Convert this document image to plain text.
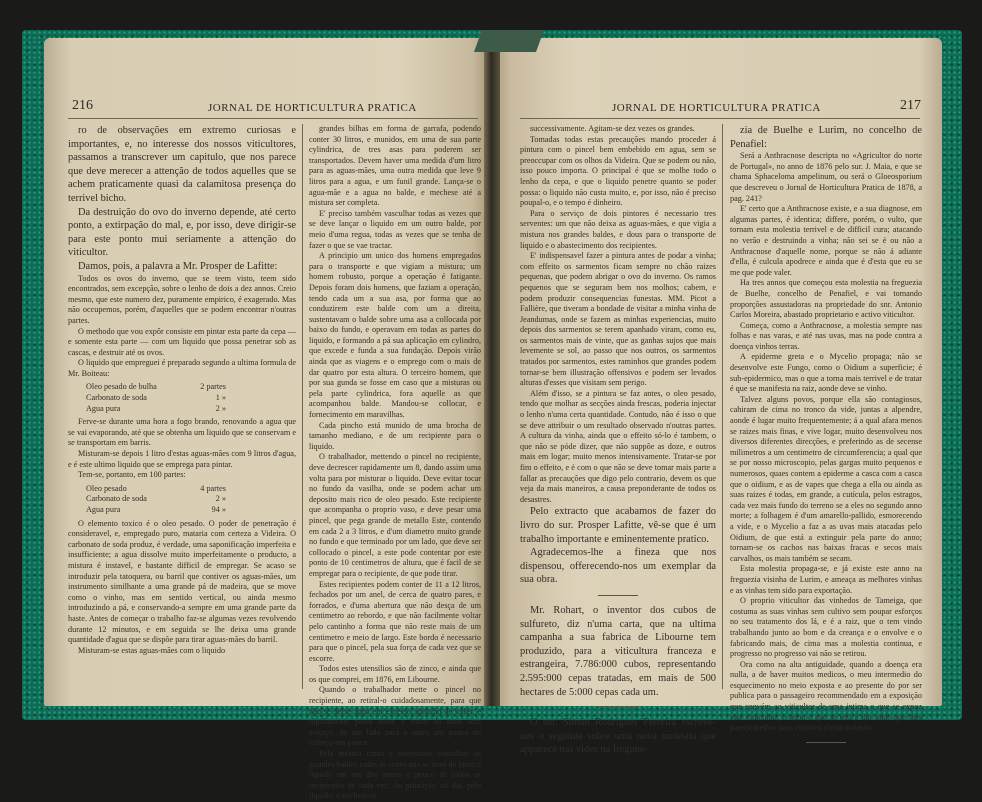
216	JORNAL DE HORTICULTURA PRATICA

ro de observações em extremo curiosas e importantes, e, no interesse dos nossos viticultores, passamos a transcrever um capitulo, que nos parece que deve merecer a attenção de todos aquelles que se achem praticamente quasi da calamitosa presença do terrivel bicho.

Da destruição do ovo do inverno depende, até certo ponto, a extirpação do mal, e, por isso, deve dirigir-se para este ponto mui seriamente a attenção do viticultor.

Damos, pois, a palavra a Mr. Prosper de Lafitte:

Todos os ovos do inverno, que se teem visto, teem sido encontrados, sem excepção, sobre o lenho de dois a dez annos. Creio mesmo, que este numero dez, puramente empirico, é exagerado. Mas não occupemos, porém, d'aquelles que se podem encontrar n'outras partes.

O methodo que vou expôr consiste em pintar esta parte da cepa — e somente esta parte — com um liquido que possa penetrar sob as cascas, e destruir até os ovos.

O liquido que empreguei é preparado segundo a ultima formula de Mr. Boiteau:

Oleo pesado de bulha	2 partes
Carbonato de soda	1 »
Agua pura	2 »

Ferve-se durante uma hora a fogo brando, renovando a agua que se vai evaporando, até que se obtenha um liquido que se conservam e se transportam em barris.

Misturam-se depois 1 litro d'estas aguas-mães com 9 litros d'agua, e é este ultimo liquido que se emprega para pintar.

Tem-se, portanto, em 100 partes:

Oleo pesado	4 partes
Carbonato de soda	2 »
Agua pura	94 »

O elemento toxico é o oleo pesado. O poder de penetração é consideravel, e, empregado puro, mataria com certeza a Videira. O carbonato de soda produz, é verdade, uma saponificação imperfeita e insufficiente; a agua dissolve muito imperfeitamente o producto, a mistura é instavel, e bastante difficil de empregar. Se acaso se introduzir pela tatoquera, ou barril que contiver os aguas-mães, um instrumento similhante a uma grande pá de madeira, que se move como o vinho, mas em sentido vertical, ou ainda mesmo introduzindo a pá, e conservando-a sempre em uma grande parte da haste. Antes de começar o trabalho faz-se algumas vezes revolvendo durante 12 minutos, e em seguida se lhe deixa uma grande quantidade d'agua que se dispõe para tirar aguas-mães do barril.

Misturam-se estas aguas-mães com o liquido

grandes bilhas em forma de garrafa, podendo conter 30 litros, e munidos, em uma de sua parte cylindrica, de tres asas para poderem ser transportados. Devem haver uma medida d'um litro para as aguas-mães, uma outra medida que leve 9 litros para a agua, e um funil grande. Lança-se o agua-mãe e a agua no balde, e mechese até a mistura ser completa.

E' preciso também vasculhar todas as vezes que se deve lançar o liquido em um outro balde, por meio d'uma regua, todas as vezes que se tenha de fazer o que se vae tractar.

A principio um unico dos homens empregados para o transporte e que vigiam a mistura; um homem robusto, porque a operação é fatigante. Depois foram dois homens, que faziam a operação, tendo cada um a sua asa, por forma que ao conduzirem este balde com um a direita, sustentavam o balde sobre uma asa a collocada por baixo do fundo, e operavam em todas as partes do liquido, e formando a pá sua aplicação em cylindro, que excede e funda a sua fundação. Depois virão ainda que as viagens e o emprego com o mais de dar quatro por esta altura. O terceiro homem, que por sua gunda se fosse em caso que a misturas ou pela parte cylindrica, fora aquelle as que acompanhou balde. Mandou-se collocar, e fornecimento em maravilhas.

Cada pincho está munido de uma brocha de tamanho medianо, e de um recipiente para o liquido.

O trabalhador, mettendo o pincel no recipiente, deve decrescer rapidamente um 8, dando assim uma volta para por misturar o liquido. Deve evitar tocar no fundo da vasilha, onde se podem achar um deposito mais rico de oleo pesado. Este recipiente que acompanha o proprio vaso, e deve pesar uma pincel, que pega grande de metallo Este, contendo em cada 2 a 3 litros, e d'um diametro muito grande no fundo e que terminado por um lado, que deve ser collocado o pincel, a este pode contentar por este ponto de 10 centimetros de altura, que é facil de se empregar para o recipiente, de que pode tirar.

Estes recipientes podem conter de 11 a 12 litros, fechados por um anel, de cerca de quatro pares, e forrados, e d'uma abertura que não desça de um centimetro ao rebordo, e que não facilmente voltar pelo cantinho a forma que não reste mais de um centimetro e meio de largo. Este bordo é necessario para que o pincel, pela sua força de cada vez que se escorre.

Todos estes utensilios são de zinco, e ainda que os que comprei, em 1876, em Libourne.

Quando o trabalhador mette o pincel no recipiente, ao retiral-o cuidadosamente, para que não se deixe agua em excesso agitação de todas, e rápidamente passa sobre o lenho do anno sem esforço, de um lado para o outro um pouco no esforço um pouco.

Pela mesma razão é necessario vasculhar os grandes baldes todas as vezes que se tiver de fazer o liquido em um dos outros e pouco de todos os recipientes de cada vez. Ao principio, no dia, pelo liquido, e enchem-se

JORNAL DE HORTICULTURA PRATICA	217

successivamente. Agitam-se dez vezes os grandes.

Tomadas todas estas precauções mando proceder á pintura com o pincel bem embebido em agua, sem se preoccupar com os olhos da Videira. Que se podem ou não, isso pouco importa. O principal é que se molhe todo o lenho da cepa, e que o liquido penetre quanto se poder possa: o liquido não custa muito, e, por isso, não é preciso poupal-o, e o tempo é dinheiro.

Para o serviço de dois pintores é necessario tres serventes: um que não deixa as aguas-mães, e que vigia a mistura nos grandes baldes, e dous para o transporte de liquido e o abastecimento dos recipientes.

E' indispensavel fazer a pintura antes de podar a vinha; com effeito os sarmentos ficam sempre no chão raizes pequenas, que podem abrigar o ovo do inverno. Os ramos pequenos que se seguram bem nos molhos; cabem, e podem produzir consequencias funestas. MM. Picot a Fallière, que tiveram a bondade de visitar a minha vinha de Jeandumas, onde se fazem as minhas experiencias, muito depois dos sarmentos se terem apanhado viram, como eu, os sarmentos mais de vinte, que as ganhas sujos que mais levemente se sol, ao passo que nos outros, os sarmentos tratados por sarmentos, estes raminhos que grandes podem tornar-se bem illustração offensivos e podem ser levados alturas d'esses que visitam sem perigo.

Além d'isso, se a pintura se faz antes, o oleo pesado, tendo que molhar as secções ainda frescas, poderia injectar o lenho n'uma certa quantidade. Contudo, não é isso o que se deve attribuir o um resultado observado n'outras partes. A cultura da vinha, ainda que o effeito só-lo é tambem, o que não se póde dizer, que não suppõe as doze, e outros mais em logar; muito menos intensivamente. Tratar-se por fim o effeito, e é com o que não se deve tomar mais parte a fallar as precauções que digo pelo contrario, devem os que veja da mais maneiros, a causa preponderante de todos os desastres.

Pelo extracto que acabamos de fazer do livro do sur. Prosper Lafitte, vê-se que é um trabalho importante e eminentemente pratico.

Agradecemos-lhe a fineza que nos dispensou, offerecendo-nos um exemplar da sua obra.

Mr. Rohart, o inventor dos cubos de sulfureto, diz n'uma carta, que na ultima campanha a sua fabrica de Libourne tem produzido, para a viticultura franceza e estrangeira, 7.786:000 cubos, representando 2.595:000 cepas tratadas, em mais de 500 hectares de 5:000 cepas cada um.

O snr. Simão Rodrigues Ferreira escreve-nos o seguinte sobre uma nova molestia que apparece nas vides na fregues-

zia de Buelhe e Lurim, no concelho de Penafiel:

Será a Anthracnose descripta no «Agricultor do norte de Portugal», no anno de 1876 pelo sur. J. Maia, e que se chama Sphaceloma ampelinum, ou será o Gloeosporium que descreveu o Jornal de Horticultura Pratica de 1878, a pag. 241?

E' certo que a Anthracnose existe, e a sua diagnose, em algumas partes, é identica; differe, porém, o vulto, que tornam esta molestia terrivel e de difficil cura; atacando no verão e destruindo a vinha; não sei se é ou não a Anthracnose d'aquelle nome, porque se não á adiante d'ella, é culcula apodrece e ainda que é d'esta que eu se me que pode valer.

Ha tres annos que começou esta molestia na freguezia de Buelhe, concelho de Penafiel, e vai tomando proporções assustadoras na propriedade do snr. Antonio Carlos Moreira, abastado proprietario e activo viticultor.

Começa, como a Anthracnose, a molestia sempre nas folhas e nas varas, e até nas uvas, mas na pode contra a doença vinhos terras.

A epiderme greta e o Mycelio propaga; não se desenvolve este Fungo, como o Oidium a superficie; é sub-epidermico, mas o que a torna mais terrivel e de tratar é que se manifesta na raiz, aonde deve se vinho.

Talvez alguns povos, porque ella são contagiosos, cahiram de cima no tronco da vide, juntas a alpendre, aonde é lugar muito frequentemente; á a qual afara menos se raizes mais finas, e vive logar, muito desenvolveu nos diversos diferentes direcções, e preferindo as de secense milimetros a um centimetro de circumferencia; a qual que se por nosso microscopio, pelas gargas muito pequenos e numerosos, quaes contem a epiderme a casca com a casca que o oidium, e as de vapes que chega a ella ou ainda as suas raizes é todas, em grande, a cutícula, pelos estragos, cada vez mais fundo do terreno se a eles no segundo anno morte; a folhagem é d'um amarello-pallido, esmorecendo a vide, e o Mycelio a faz a as uvas mais atacadas pelo Oidium, de que está a extinguir pela parte do anno; tornam-se os cachos nas baixas fracas e secos mais carvalhos, os mais também se secam.

Esta molestia propaga-se, e já existe este anno na freguezia visinha de Lurim, e ameaça as melhores vinhas e as vinhas tem sido para exportação.

O proprio viticultor das vinhedos de Tameiga, que costuma as suas vinhas sem cultivo sem poupar esforços no seu tratamento dos lá, e é a raiz, que o tem vindo trabalhando junto ao bom e da creança e o envolve e o fabricando mais, de cima mas a molestia continua, e progresso no progresso vai não se retirou.

Ora como na alta antiguidade, quando a doença era nulla, a de haver muitos medicos, o meu intermedio do esquecimento no meio exposta e ao presente do por ser publica para o passageiro recommendado em a exposição que convém ao viticultor de uma intima o que se expoz este vinicultor, e temo e que se terá é dar onde que lhes pareça melhor para curativo d'esta molestia.
